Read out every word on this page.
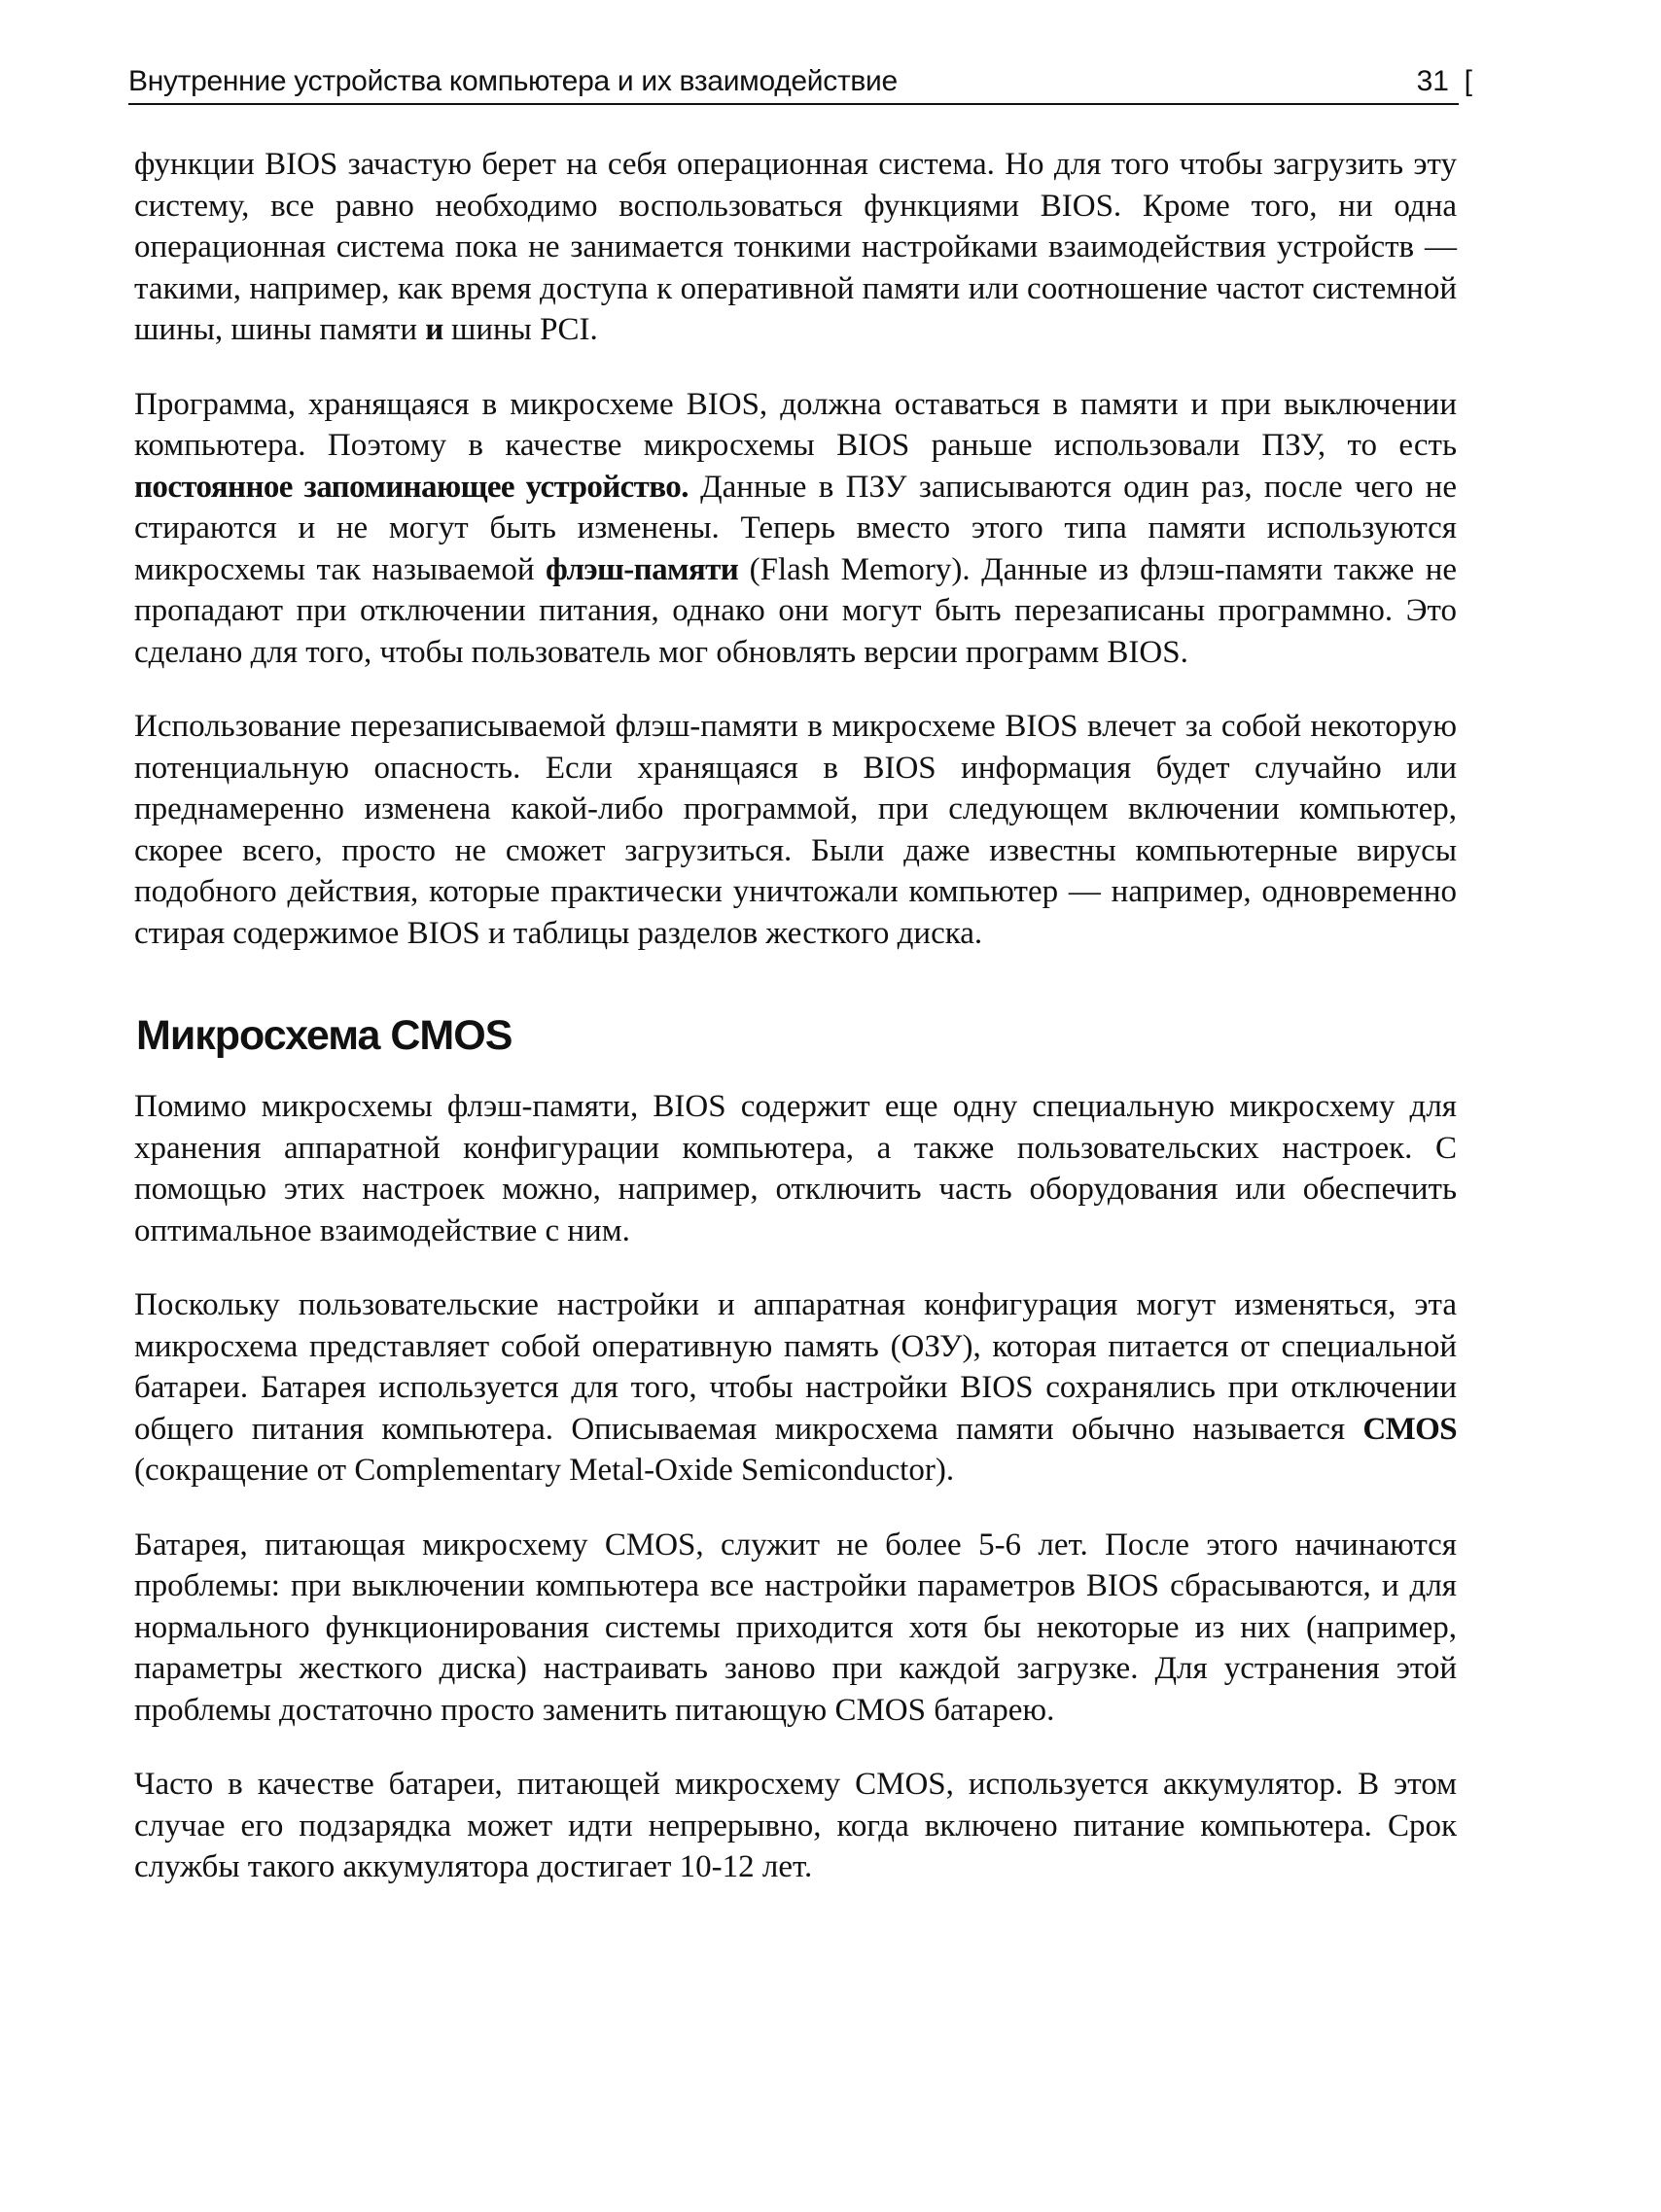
Внутренние устройства компьютера и их взаимодействие	31 [

функции BIOS зачастую берет на себя операционная система. Но для того чтобы загрузить эту систему, все равно необходимо воспользоваться функциями BIOS. Кроме того, ни одна операционная система пока не занимается тонкими настройками взаимодействия устройств — такими, например, как время доступа к оперативной памяти или соотношение частот системной шины, шины памяти и шины PCI.

Программа, хранящаяся в микросхеме BIOS, должна оставаться в памяти и при выключении компьютера. Поэтому в качестве микросхемы BIOS раньше использовали ПЗУ, то есть постоянное запоминающее устройство. Данные в ПЗУ записываются один раз, после чего не стираются и не могут быть изменены. Теперь вместо этого типа памяти используются микросхемы так называемой флэш-памяти (Flash Memory). Данные из флэш-памяти также не пропадают при отключении питания, однако они могут быть перезаписаны программно. Это сделано для того, чтобы пользователь мог обновлять версии программ BIOS.

Использование перезаписываемой флэш-памяти в микросхеме BIOS влечет за собой некоторую потенциальную опасность. Если хранящаяся в BIOS информация будет случайно или преднамеренно изменена какой-либо программой, при следующем включении компьютер, скорее всего, просто не сможет загрузиться. Были даже известны компьютерные вирусы подобного действия, которые практически уничтожали компьютер — например, одновременно стирая содержимое BIOS и таблицы разделов жесткого диска.

Микросхема CMOS

Помимо микросхемы флэш-памяти, BIOS содержит еще одну специальную микросхему для хранения аппаратной конфигурации компьютера, а также пользовательских настроек. С помощью этих настроек можно, например, отключить часть оборудования или обеспечить оптимальное взаимодействие с ним.

Поскольку пользовательские настройки и аппаратная конфигурация могут изменяться, эта микросхема представляет собой оперативную память (ОЗУ), которая питается от специальной батареи. Батарея используется для того, чтобы настройки BIOS сохранялись при отключении общего питания компьютера. Описываемая микросхема памяти обычно называется CMOS (сокращение от Complementary Metal-Oxide Semiconductor).

Батарея, питающая микросхему CMOS, служит не более 5-6 лет. После этого начинаются проблемы: при выключении компьютера все настройки параметров BIOS сбрасываются, и для нормального функционирования системы приходится хотя бы некоторые из них (например, параметры жесткого диска) настраивать заново при каждой загрузке. Для устранения этой проблемы достаточно просто заменить питающую CMOS батарею.

Часто в качестве батареи, питающей микросхему CMOS, используется аккумулятор. В этом случае его подзарядка может идти непрерывно, когда включено питание компьютера. Срок службы такого аккумулятора достигает 10-12 лет.
